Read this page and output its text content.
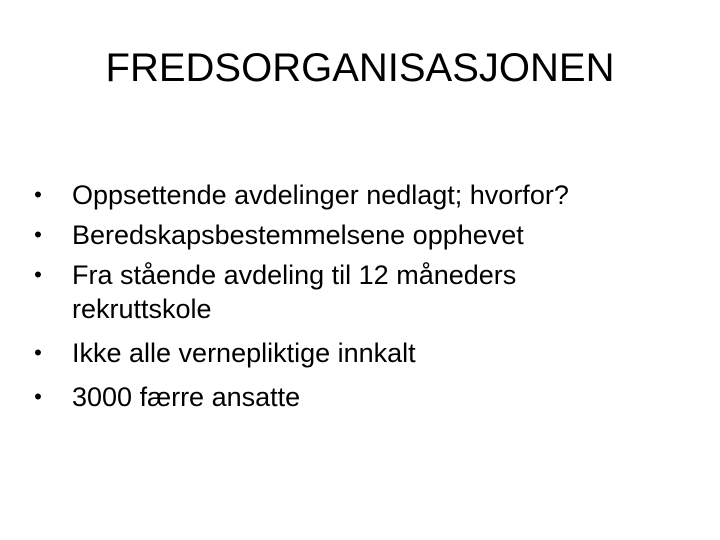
FREDSORGANISASJONEN
• Oppsettende avdelinger nedlagt; hvorfor?
• Beredskapsbestemmelsene opphevet
• Fra stående avdeling til 12 måneders rekruttskole
• Ikke alle vernepliktige innkalt
• 3000 færre ansatte
